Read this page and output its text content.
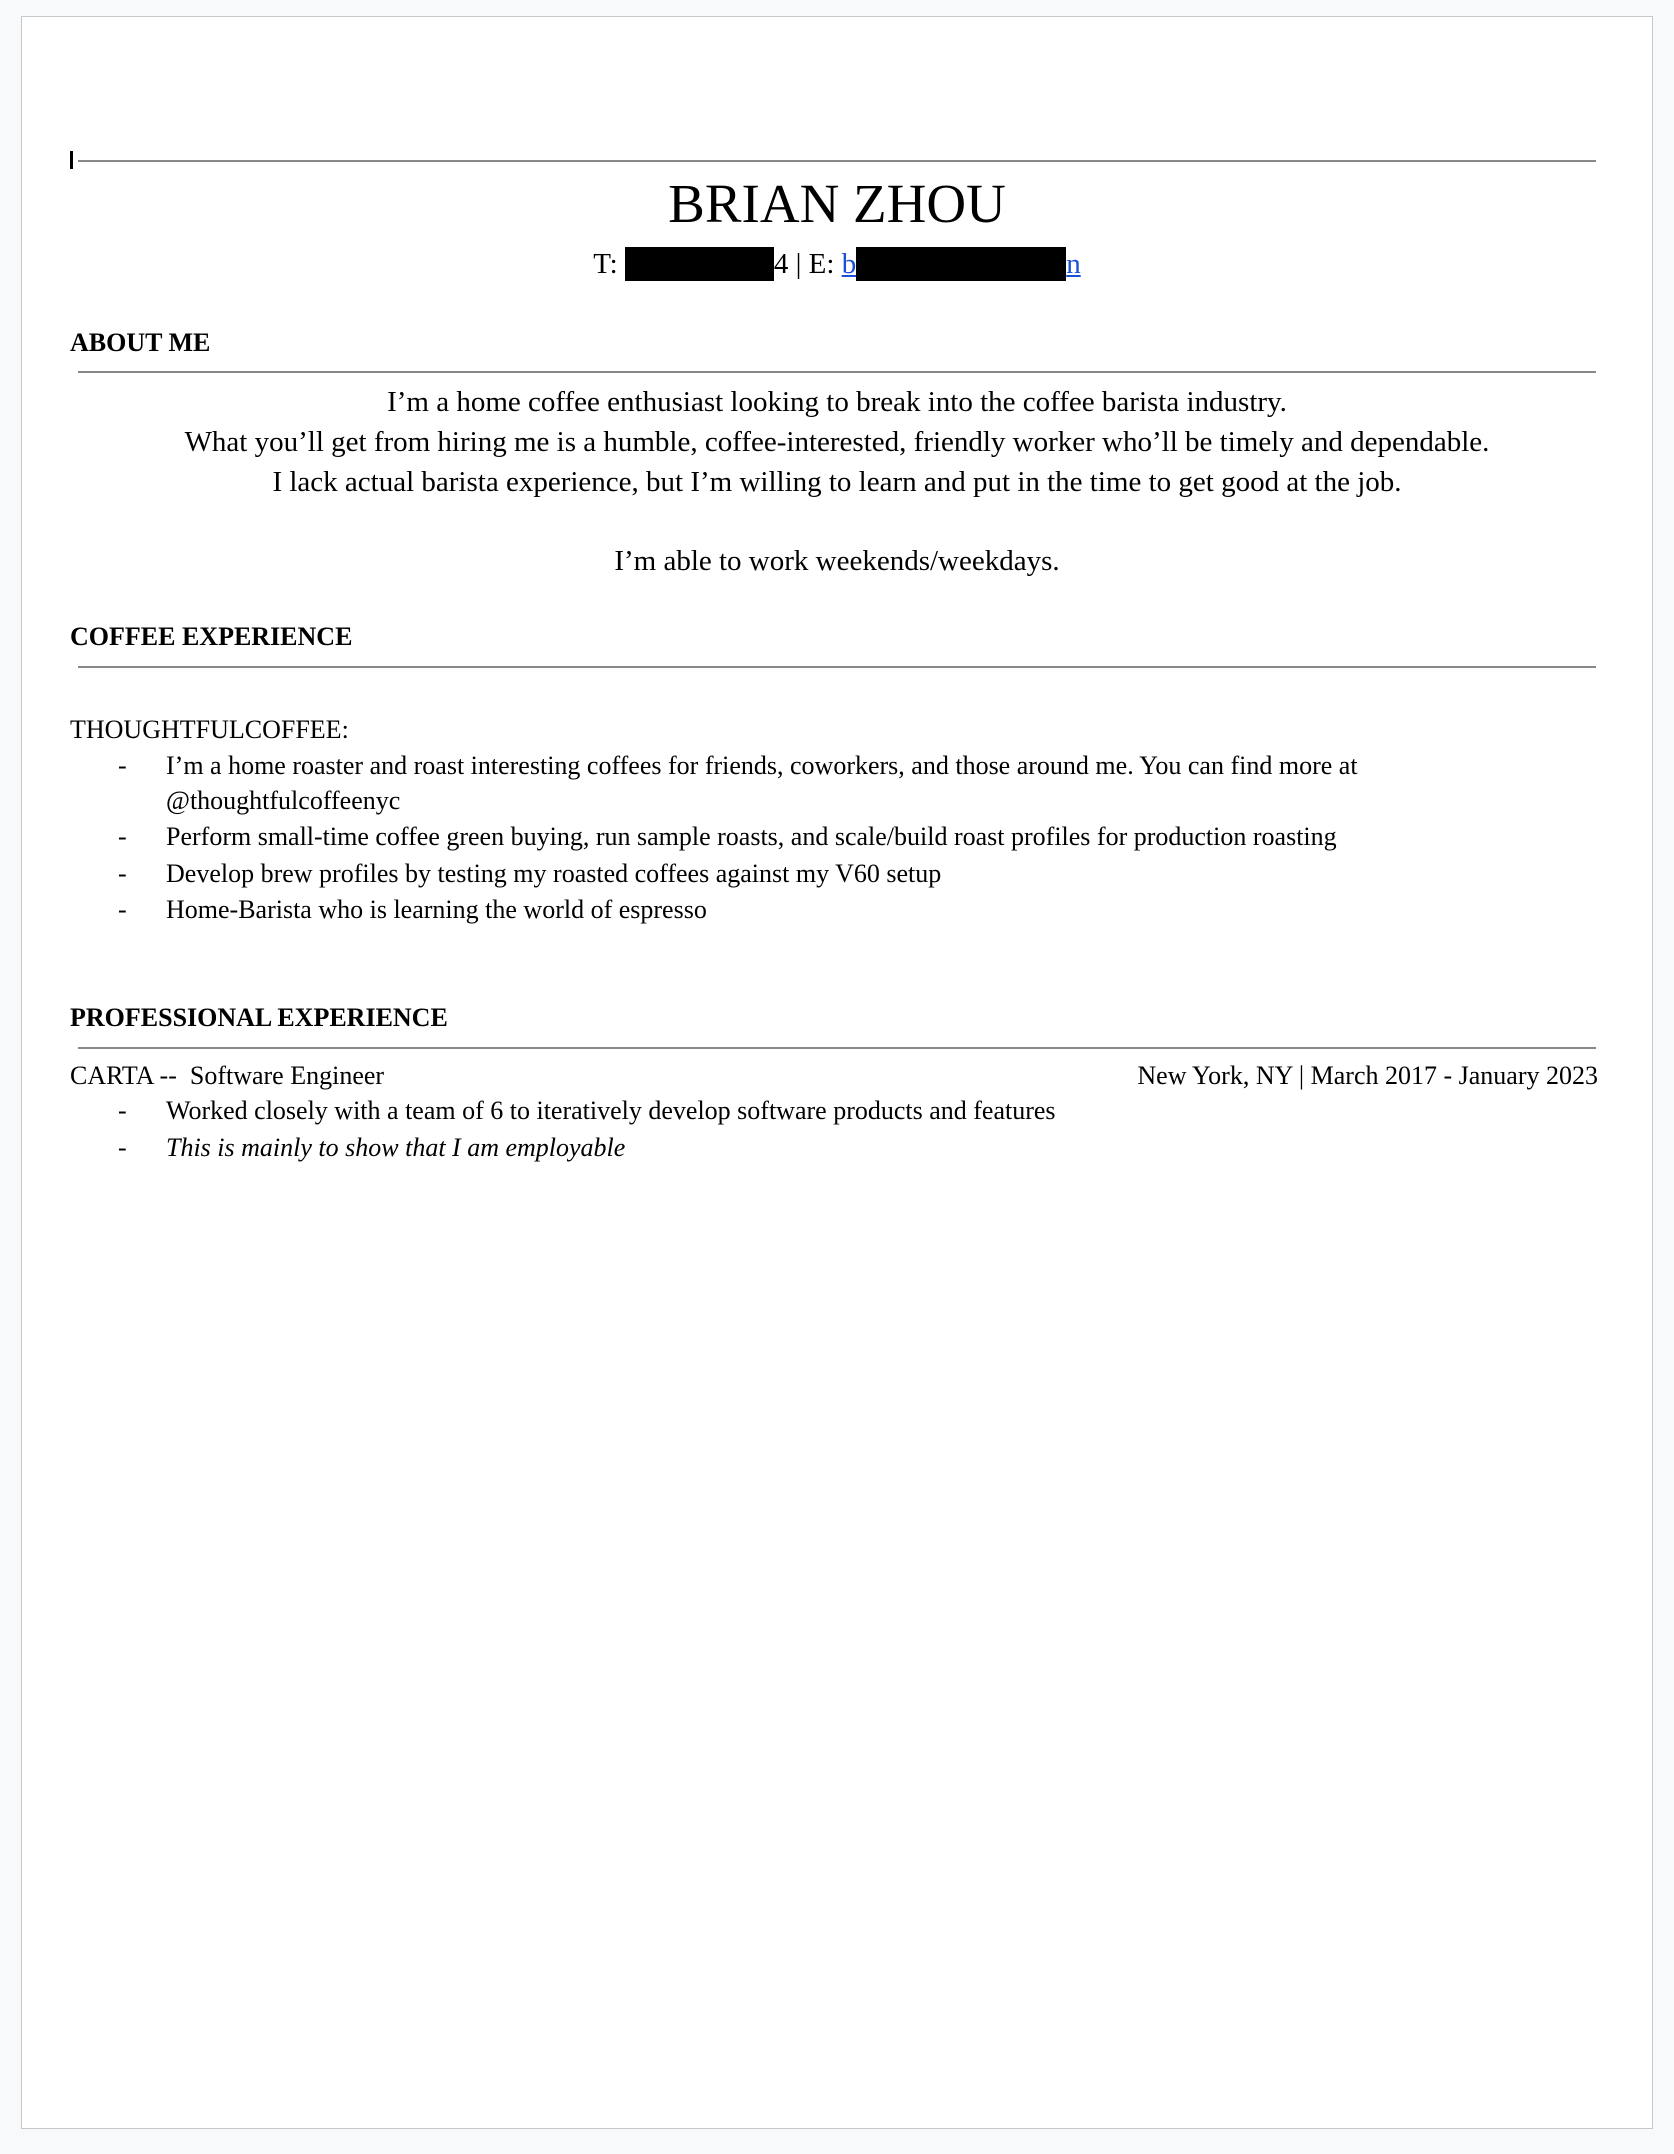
BRIAN ZHOU
T:	4 | E: b	n
ABOUT ME
I’m a home coffee enthusiast looking to break into the coffee barista industry.
What you’ll get from hiring me is a humble, coffee-interested, friendly worker who’ll be timely and dependable.
I lack actual barista experience, but I’m willing to learn and put in the time to get good at the job.
I’m able to work weekends/weekdays.
COFFEE EXPERIENCE
THOUGHTFULCOFFEE:
- I’m a home roaster and roast interesting coffees for friends, coworkers, and those around me. You can find more at
@thoughtfulcoffeenyc
- Perform small-time coffee green buying, run sample roasts, and scale/build roast profiles for production roasting
- Develop brew profiles by testing my roasted coffees against my V60 setup
- Home-Barista who is learning the world of espresso
PROFESSIONAL EXPERIENCE
CARTA --  Software Engineer	New York, NY | March 2017 - January 2023
- Worked closely with a team of 6 to iteratively develop software products and features
- This is mainly to show that I am employable
